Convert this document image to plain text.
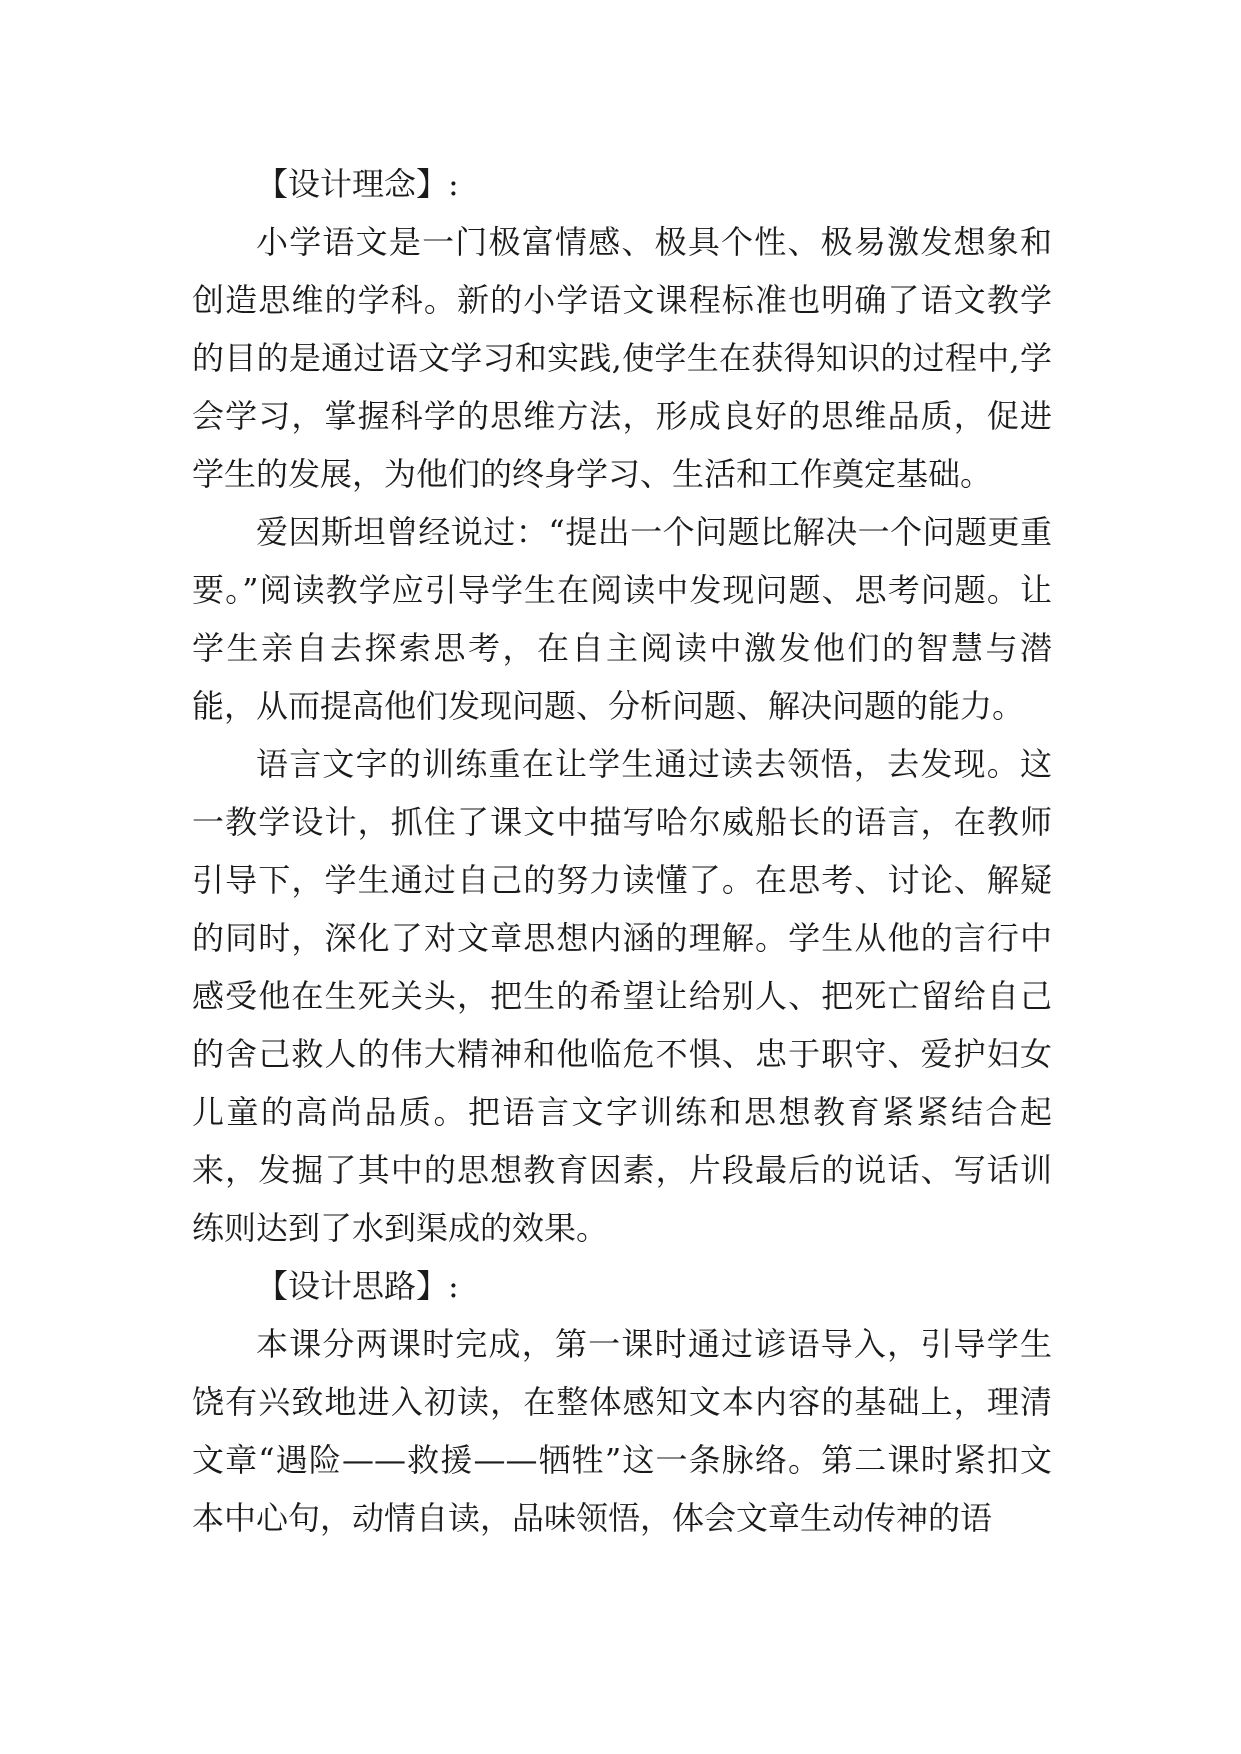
【设计理念】:

小学语文是一门极富情感、极具个性、极易激发想象和创造思维的学科。新的小学语文课程标准也明确了语文教学的目的是通过语文学习和实践,使学生在获得知识的过程中,学会学习，掌握科学的思维方法，形成良好的思维品质，促进学生的发展，为他们的终身学习、生活和工作奠定基础。

爱因斯坦曾经说过：“提出一个问题比解决一个问题更重要。”阅读教学应引导学生在阅读中发现问题、思考问题。让学生亲自去探索思考，在自主阅读中激发他们的智慧与潜能，从而提高他们发现问题、分析问题、解决问题的能力。

语言文字的训练重在让学生通过读去领悟，去发现。这一教学设计，抓住了课文中描写哈尔威船长的语言，在教师引导下，学生通过自己的努力读懂了。在思考、讨论、解疑的同时，深化了对文章思想内涵的理解。学生从他的言行中感受他在生死关头，把生的希望让给别人、把死亡留给自己的舍己救人的伟大精神和他临危不惧、忠于职守、爱护妇女儿童的高尚品质。把语言文字训练和思想教育紧紧结合起来，发掘了其中的思想教育因素，片段最后的说话、写话训练则达到了水到渠成的效果。

【设计思路】:

本课分两课时完成，第一课时通过谚语导入，引导学生饶有兴致地进入初读，在整体感知文本内容的基础上，理清文章“遇险——救援——牺牲”这一条脉络。第二课时紧扣文本中心句，动情自读，品味领悟，体会文章生动传神的语
